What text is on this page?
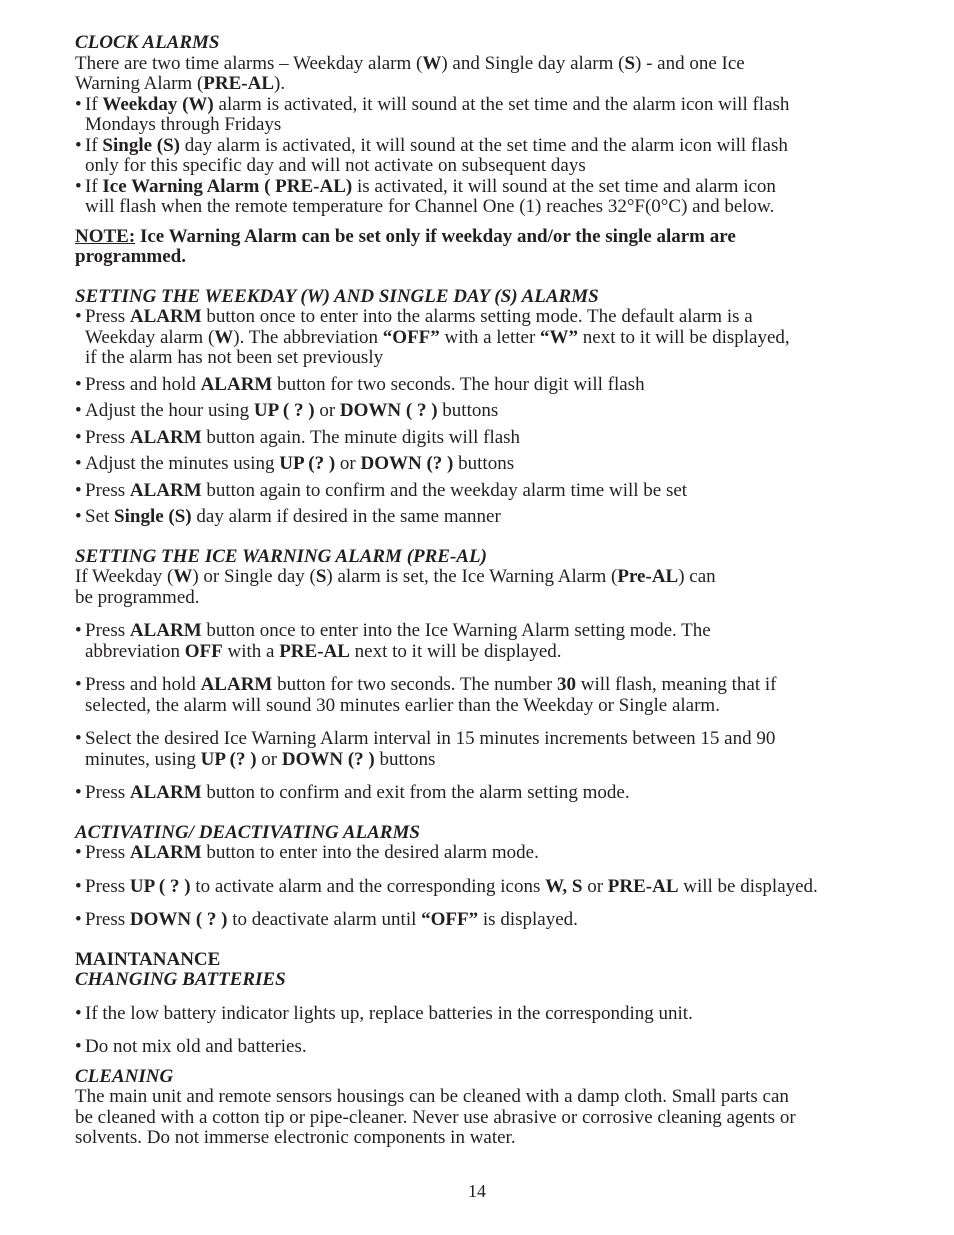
CLOCK ALARMS

There are two time alarms – Weekday alarm (W) and Single day alarm (S) - and one Ice
Warning Alarm (PRE-AL).

• If Weekday (W) alarm is activated, it will sound at the set time and the alarm icon will flash
Mondays through Fridays

• If Single (S) day alarm is activated, it will sound at the set time and the alarm icon will flash
only for this specific day and will not activate on subsequent days

• If Ice Warning Alarm ( PRE-AL) is activated, it will sound at the set time and alarm icon
will flash when the remote temperature for Channel One (1) reaches 32°F(0°C) and below.

NOTE: Ice Warning Alarm can be set only if weekday and/or the single alarm are
programmed.

SETTING THE WEEKDAY (W) AND SINGLE DAY (S) ALARMS

• Press ALARM button once to enter into the alarms setting mode. The default alarm is a
Weekday alarm (W). The abbreviation “OFF” with a letter “W” next to it will be displayed,
if the alarm has not been set previously

• Press and hold ALARM button for two seconds. The hour digit will flash

• Adjust the hour using UP ( ? ) or DOWN ( ? ) buttons

• Press ALARM button again. The minute digits will flash

• Adjust the minutes using UP (? ) or DOWN (? ) buttons

• Press ALARM button again to confirm and the weekday alarm time will be set

• Set Single (S) day alarm if desired in the same manner

SETTING THE ICE WARNING ALARM (PRE-AL)

If Weekday (W) or Single day (S) alarm is set, the Ice Warning Alarm (Pre-AL) can
be programmed.

• Press ALARM button once to enter into the Ice Warning Alarm setting mode. The
abbreviation OFF with a PRE-AL next to it will be displayed.

• Press and hold ALARM button for two seconds. The number 30 will flash, meaning that if
selected, the alarm will sound 30 minutes earlier than the Weekday or Single alarm.

• Select the desired Ice Warning Alarm interval in 15 minutes increments between 15 and 90
minutes, using UP (? ) or DOWN (? ) buttons

• Press ALARM button to confirm and exit from the alarm setting mode.

ACTIVATING/ DEACTIVATING ALARMS

• Press ALARM button to enter into the desired alarm mode.

• Press UP ( ? ) to activate alarm and the corresponding icons W, S or PRE-AL will be displayed.

• Press DOWN ( ? ) to deactivate alarm until “OFF” is displayed.

MAINTANANCE

CHANGING BATTERIES

• If the low battery indicator lights up, replace batteries in the corresponding unit.

• Do not mix old and batteries.

CLEANING

The main unit and remote sensors housings can be cleaned with a damp cloth. Small parts can
be cleaned with a cotton tip or pipe-cleaner. Never use abrasive or corrosive cleaning agents or
solvents. Do not immerse electronic components in water.

14
